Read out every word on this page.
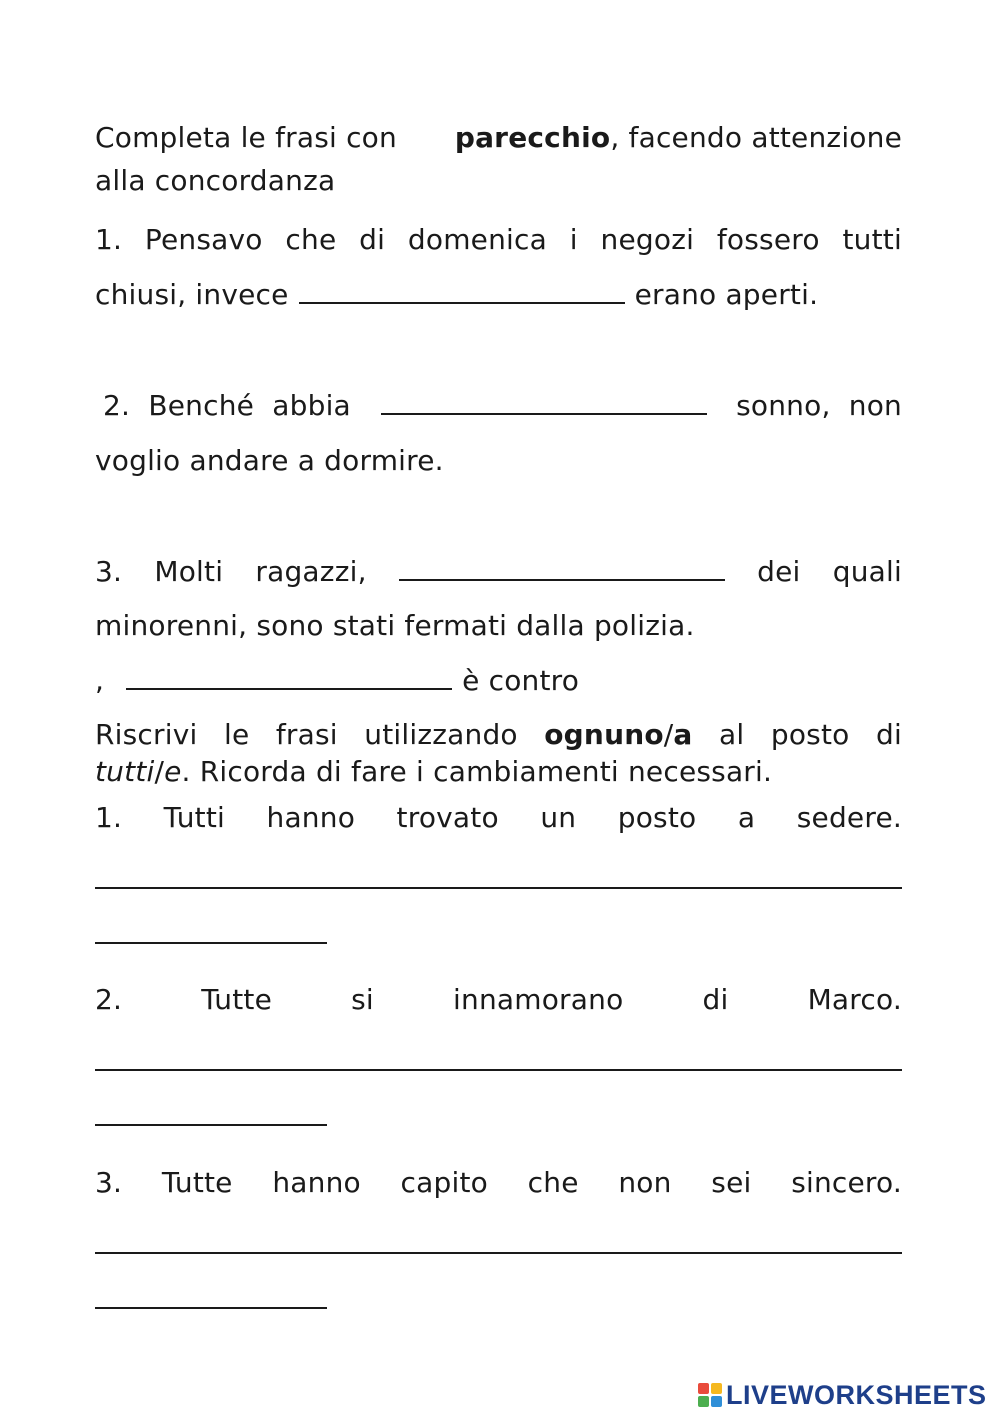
Completa le frasi con parecchio, facendo attenzione
alla concordanza
1. Pensavo che di domenica i negozi fossero tutti
chiusi, invece	erano aperti.
2.  Benché  abbia	sonno,  non
voglio andare a dormire.
3. Molti ragazzi,	dei quali
minorenni, sono stati fermati dalla polizia.
,	è contro
Riscrivi le frasi utilizzando ognuno/a al posto di
tutti/e. Ricorda di fare i cambiamenti necessari.
1. Tutti hanno trovato un posto a sedere.
2.	Tutte	si	innamorano	di	Marco.
3. Tutte hanno capito che non sei sincero.
LIVEWORKSHEETS
